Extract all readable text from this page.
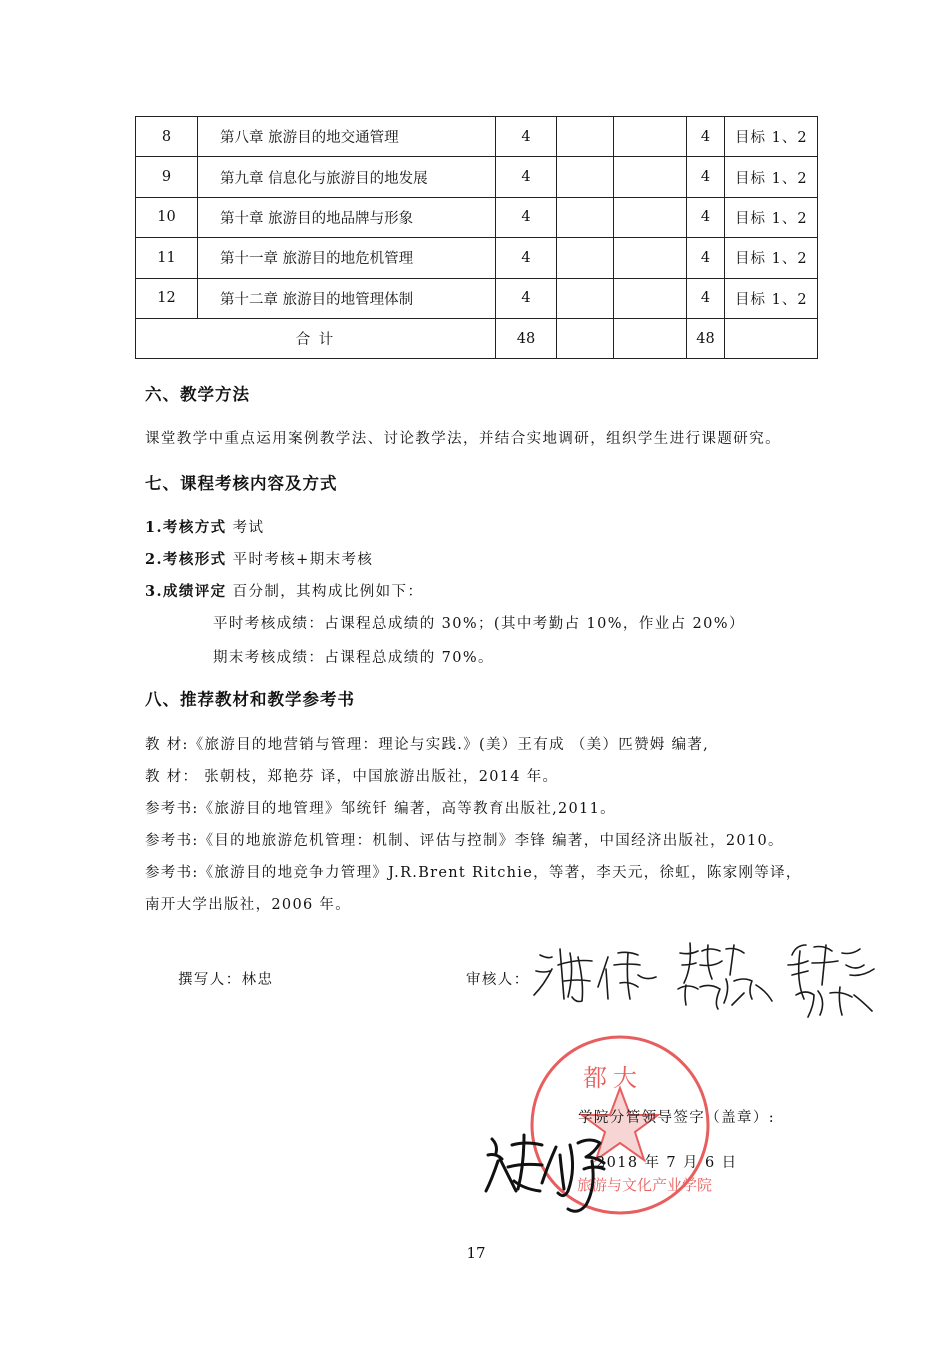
8	第八章 旅游目的地交通管理	4			4	目标 1、2
9	第九章 信息化与旅游目的地发展	4			4	目标 1、2
10	第十章 旅游目的地品牌与形象	4			4	目标 1、2
11	第十一章 旅游目的地危机管理	4			4	目标 1、2
12	第十二章 旅游目的地管理体制	4			4	目标 1、2
合 计		48			48	
六、教学方法
课堂教学中重点运用案例教学法、讨论教学法，并结合实地调研，组织学生进行课题研究。
七、课程考核内容及方式
1.考核方式 考试
2.考核形式 平时考核+期末考核
3.成绩评定 百分制，其构成比例如下：
平时考核成绩：占课程总成绩的 30%；(其中考勤占 10%，作业占 20%）
期末考核成绩：占课程总成绩的 70%。
八、推荐教材和教学参考书
教 材:《旅游目的地营销与管理：理论与实践.》(美）王有成 （美）匹赞姆 编著,
教 材： 张朝枝，郑艳芬 译，中国旅游出版社，2014 年。
参考书:《旅游目的地管理》邹统钎 编著，高等教育出版社,2011。
参考书:《目的地旅游危机管理：机制、评估与控制》李锋 编著，中国经济出版社，2010。
参考书:《旅游目的地竞争力管理》J.R.Brent Ritchie，等著，李天元，徐虹，陈家刚等译，
南开大学出版社，2006 年。
撰写人：林忠	审核人：
都 大
旅游与文化产业学院
学院分管领导签字（盖章）:
2018 年 7 月 6 日
17
